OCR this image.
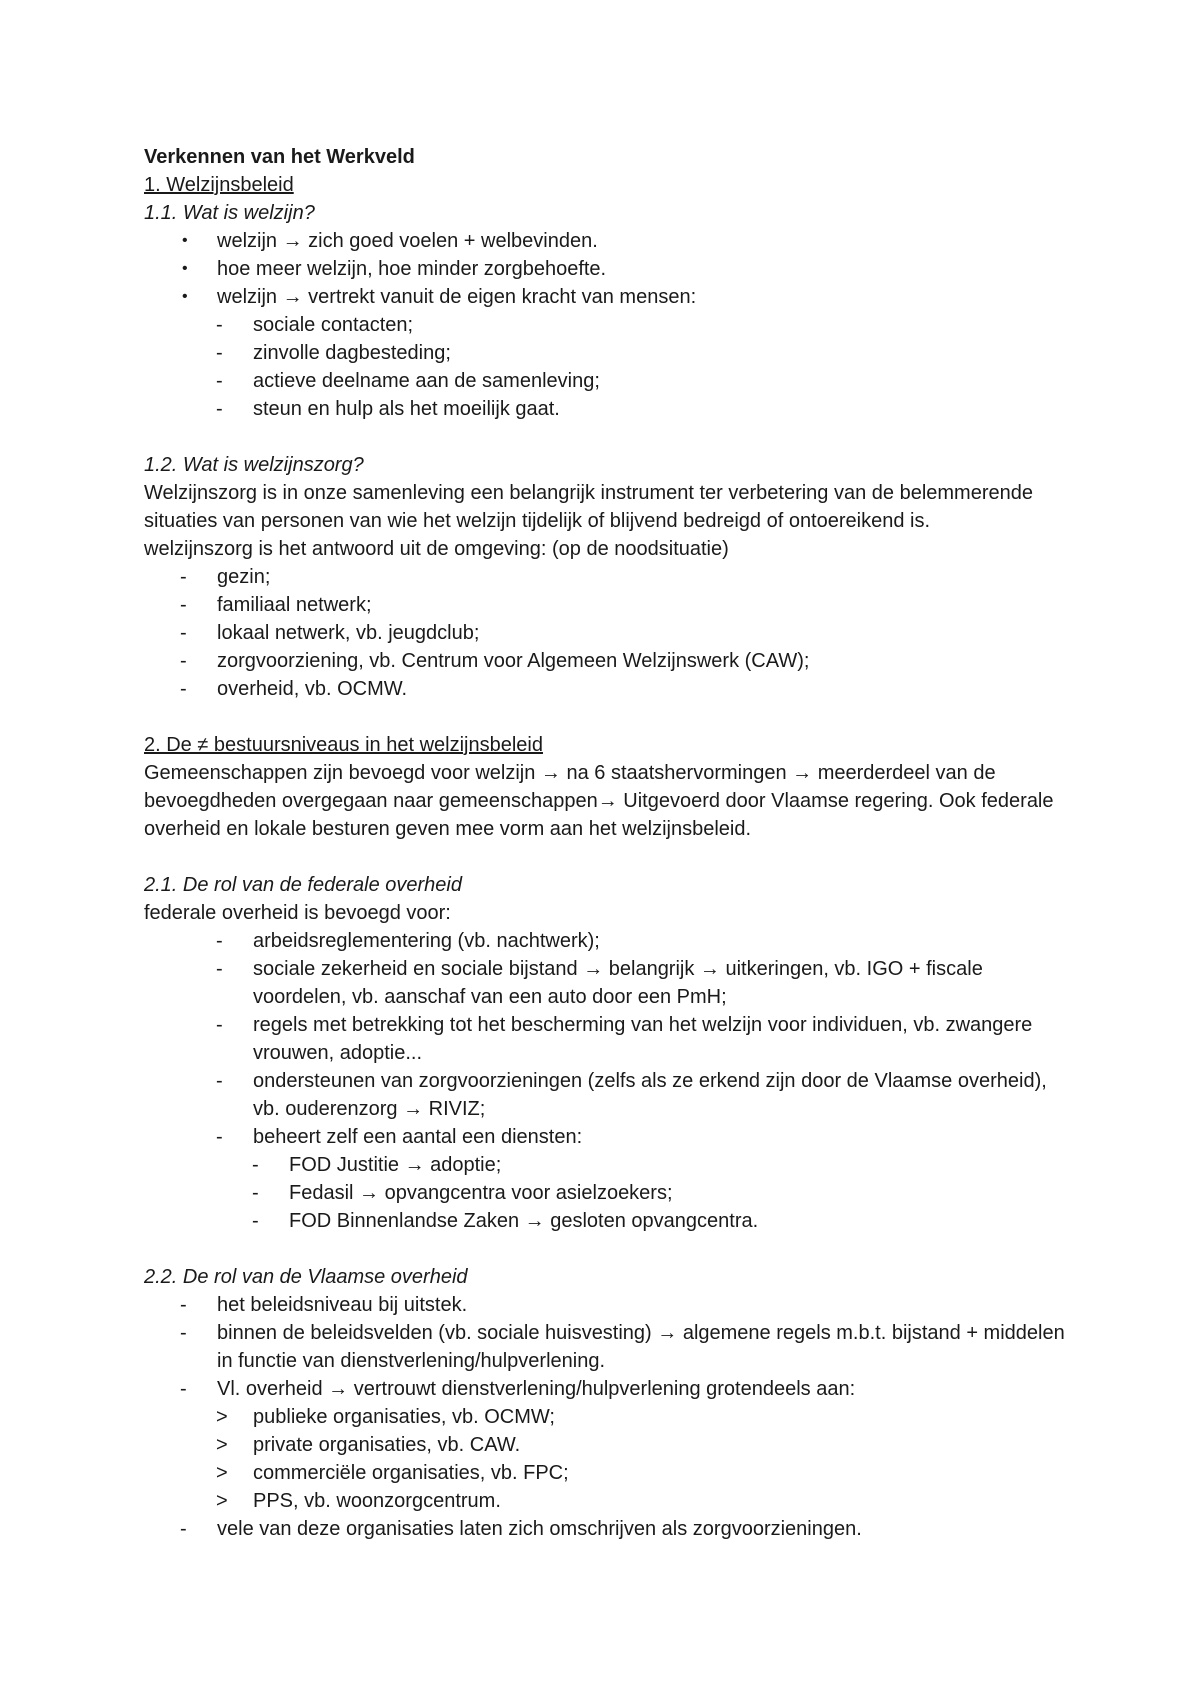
Verkennen van het Werkveld
1. Welzijnsbeleid
1.1. Wat is welzijn?
• welzijn → zich goed voelen + welbevinden.
• hoe meer welzijn, hoe minder zorgbehoefte.
• welzijn → vertrekt vanuit de eigen kracht van mensen:
- sociale contacten;
- zinvolle dagbesteding;
- actieve deelname aan de samenleving;
- steun en hulp als het moeilijk gaat.
1.2. Wat is welzijnszorg?
Welzijnszorg is in onze samenleving een belangrijk instrument ter verbetering van de belemmerende situaties van personen van wie het welzijn tijdelijk of blijvend bedreigd of ontoereikend is.
welzijnszorg is het antwoord uit de omgeving: (op de noodsituatie)
- gezin;
- familiaal netwerk;
- lokaal netwerk, vb. jeugdclub;
- zorgvoorziening, vb. Centrum voor Algemeen Welzijnswerk (CAW);
- overheid, vb. OCMW.
2. De ≠ bestuursniveaus in het welzijnsbeleid
Gemeenschappen zijn bevoegd voor welzijn → na 6 staatshervormingen → meerderdeel van de bevoegdheden overgegaan naar gemeenschappen→ Uitgevoerd door Vlaamse regering. Ook federale overheid en lokale besturen geven mee vorm aan het welzijnsbeleid.
2.1. De rol van de federale overheid
federale overheid is bevoegd voor:
- arbeidsreglementering (vb. nachtwerk);
- sociale zekerheid en sociale bijstand → belangrijk → uitkeringen, vb. IGO + fiscale voordelen, vb. aanschaf van een auto door een PmH;
- regels met betrekking tot het bescherming van het welzijn voor individuen, vb. zwangere vrouwen, adoptie...
- ondersteunen van zorgvoorzieningen (zelfs als ze erkend zijn door de Vlaamse overheid), vb. ouderenzorg → RIVIZ;
- beheert zelf een aantal een diensten:
- FOD Justitie → adoptie;
- Fedasil → opvangcentra voor asielzoekers;
- FOD Binnenlandse Zaken → gesloten opvangcentra.
2.2. De rol van de Vlaamse overheid
- het beleidsniveau bij uitstek.
- binnen de beleidsvelden (vb. sociale huisvesting) → algemene regels m.b.t. bijstand + middelen in functie van dienstverlening/hulpverlening.
- Vl. overheid → vertrouwt dienstverlening/hulpverlening grotendeels aan:
> publieke organisaties, vb. OCMW;
> private organisaties, vb. CAW.
> commerciële organisaties, vb. FPC;
> PPS, vb. woonzorgcentrum.
- vele van deze organisaties laten zich omschrijven als zorgvoorzieningen.
